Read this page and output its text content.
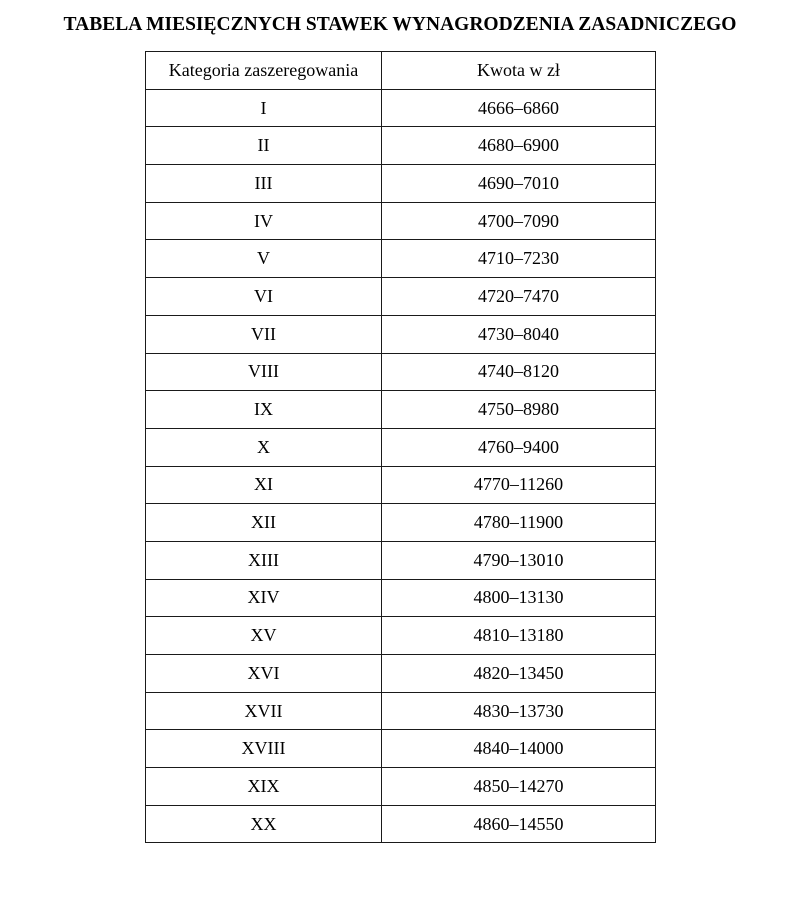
TABELA MIESIĘCZNYCH STAWEK WYNAGRODZENIA ZASADNICZEGO
Kategoria zaszeregowania	Kwota w zł
I	4666–6860
II	4680–6900
III	4690–7010
IV	4700–7090
V	4710–7230
VI	4720–7470
VII	4730–8040
VIII	4740–8120
IX	4750–8980
X	4760–9400
XI	4770–11260
XII	4780–11900
XIII	4790–13010
XIV	4800–13130
XV	4810–13180
XVI	4820–13450
XVII	4830–13730
XVIII	4840–14000
XIX	4850–14270
XX	4860–14550
